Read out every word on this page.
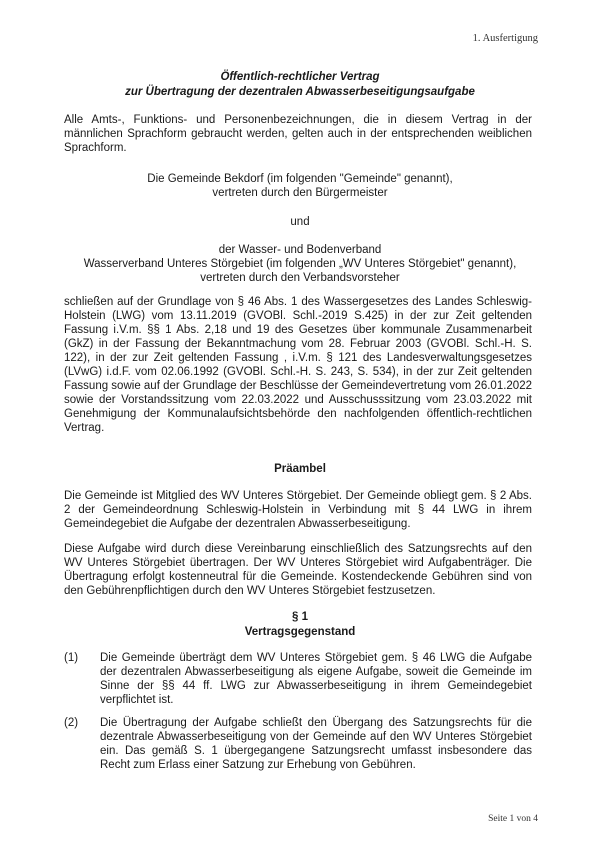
1. Ausfertigung
Öffentlich-rechtlicher Vertrag
zur Übertragung der dezentralen Abwasserbeseitigungsaufgabe

Alle Amts-, Funktions- und Personenbezeichnungen, die in diesem Vertrag in der männlichen Sprachform gebraucht werden, gelten auch in der entsprechenden weiblichen Sprachform.

Die Gemeinde Bekdorf (im folgenden "Gemeinde" genannt),

vertreten durch den Bürgermeister

und

der Wasser- und Bodenverband

Wasserverband Unteres Störgebiet (im folgenden „WV Unteres Störgebiet" genannt),

vertreten durch den Verbandsvorsteher

schließen auf der Grundlage von § 46 Abs. 1 des Wassergesetzes des Landes Schleswig-Holstein (LWG) vom 13.11.2019 (GVOBl. Schl.-2019 S.425) in der zur Zeit geltenden Fassung i.V.m. §§ 1 Abs. 2,18 und 19 des Gesetzes über kommunale Zusammenarbeit (GkZ) in der Fassung der Bekanntmachung vom 28. Februar 2003 (GVOBl. Schl.-H. S. 122), in der zur Zeit geltenden Fassung , i.V.m. § 121 des Landesverwaltungsgesetzes (LVwG) i.d.F. vom 02.06.1992 (GVOBl. Schl.-H. S. 243, S. 534), in der zur Zeit geltenden Fassung sowie auf der Grundlage der Beschlüsse der Gemeindevertretung vom 26.01.2022 sowie der Vorstandssitzung vom 22.03.2022 und Ausschusssitzung vom 23.03.2022 mit Genehmigung der Kommunalaufsichtsbehörde den nachfolgenden öffentlich-rechtlichen Vertrag.

Präambel

Die Gemeinde ist Mitglied des WV Unteres Störgebiet. Der Gemeinde obliegt gem. § 2 Abs. 2 der Gemeindeordnung Schleswig-Holstein in Verbindung mit § 44 LWG in ihrem Gemeindegebiet die Aufgabe der dezentralen Abwasserbeseitigung.

Diese Aufgabe wird durch diese Vereinbarung einschließlich des Satzungsrechts auf den WV Unteres Störgebiet übertragen. Der WV Unteres Störgebiet wird Aufgabenträger. Die Übertragung erfolgt kostenneutral für die Gemeinde. Kostendeckende Gebühren sind von den Gebührenpflichtigen durch den WV Unteres Störgebiet festzusetzen.

§ 1

Vertragsgegenstand

(1)	Die Gemeinde überträgt dem WV Unteres Störgebiet gem. § 46 LWG die Aufgabe der dezentralen Abwasserbeseitigung als eigene Aufgabe, soweit die Gemeinde im Sinne der §§ 44 ff. LWG zur Abwasserbeseitigung in ihrem Gemeindegebiet verpflichtet ist.

(2)	Die Übertragung der Aufgabe schließt den Übergang des Satzungsrechts für die dezentrale Abwasserbeseitigung von der Gemeinde auf den WV Unteres Störgebiet ein. Das gemäß S. 1 übergegangene Satzungsrecht umfasst insbesondere das Recht zum Erlass einer Satzung zur Erhebung von Gebühren.

Seite 1 von 4
